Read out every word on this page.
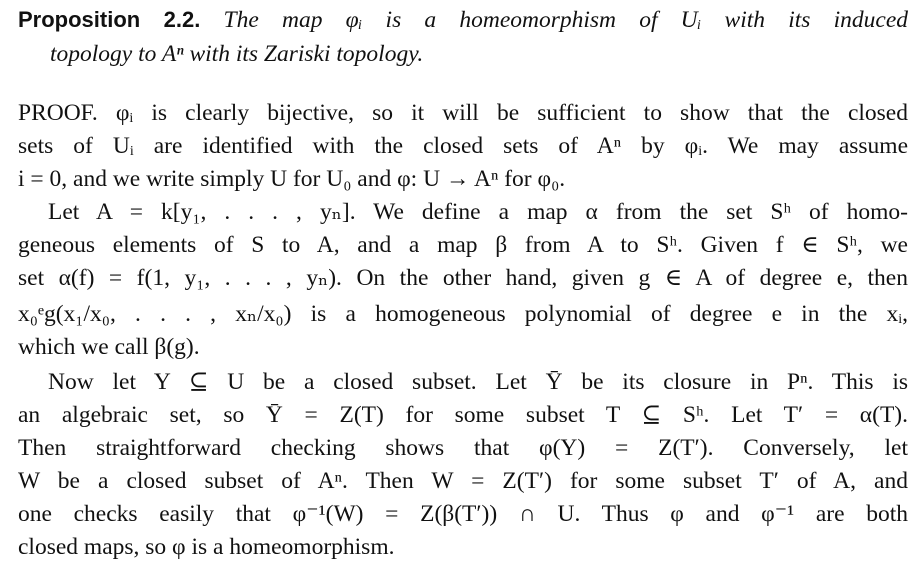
Proposition 2.2. The map φᵢ is a homeomorphism of Uᵢ with its induced
topology to Aⁿ with its Zariski topology.
PROOF. φᵢ is clearly bijective, so it will be sufficient to show that the closed
sets of Uᵢ are identified with the closed sets of Aⁿ by φᵢ. We may assume
i = 0, and we write simply U for U₀ and φ: U → Aⁿ for φ₀.
Let A = k[y₁, . . . , yₙ]. We define a map α from the set Sʰ of homo-
geneous elements of S to A, and a map β from A to Sʰ. Given f ∈ Sʰ, we
set α(f) = f(1, y₁, . . . , yₙ). On the other hand, given g ∈ A of degree e, then
x₀ᵉg(x₁/x₀, . . . , xₙ/x₀) is a homogeneous polynomial of degree e in the xᵢ,
which we call β(g).
Now let Y ⊆ U be a closed subset. Let Ȳ be its closure in Pⁿ. This is
an algebraic set, so Ȳ = Z(T) for some subset T ⊆ Sʰ. Let T′ = α(T).
Then straightforward checking shows that φ(Y) = Z(T′). Conversely, let
W be a closed subset of Aⁿ. Then W = Z(T′) for some subset T′ of A, and
one checks easily that φ⁻¹(W) = Z(β(T′)) ∩ U. Thus φ and φ⁻¹ are both
closed maps, so φ is a homeomorphism.
